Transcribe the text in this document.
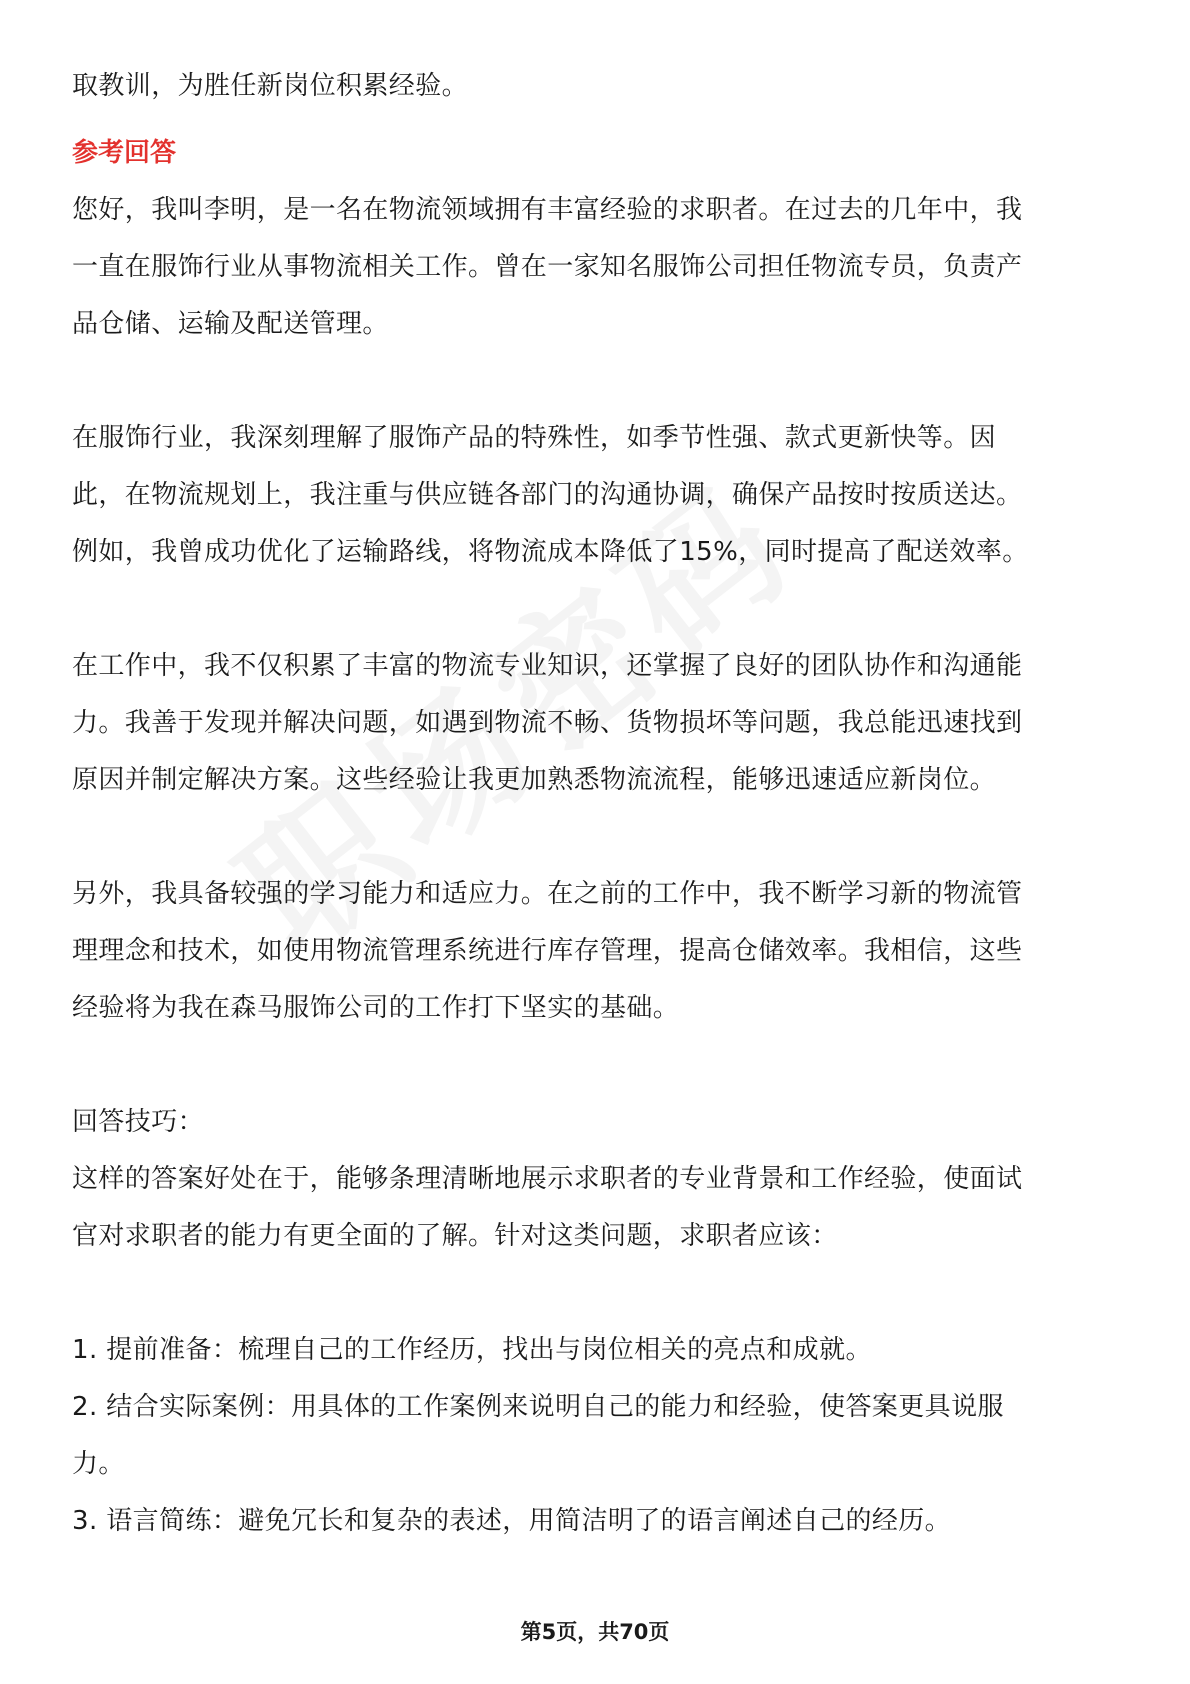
取教训，为胜任新岗位积累经验。
参考回答
您好，我叫李明，是一名在物流领域拥有丰富经验的求职者。在过去的几年中，我
一直在服饰行业从事物流相关工作。曾在一家知名服饰公司担任物流专员，负责产
品仓储、运输及配送管理。
在服饰行业，我深刻理解了服饰产品的特殊性，如季节性强、款式更新快等。因
此，在物流规划上，我注重与供应链各部门的沟通协调，确保产品按时按质送达。
例如，我曾成功优化了运输路线，将物流成本降低了15%，同时提高了配送效率。
在工作中，我不仅积累了丰富的物流专业知识，还掌握了良好的团队协作和沟通能
力。我善于发现并解决问题，如遇到物流不畅、货物损坏等问题，我总能迅速找到
原因并制定解决方案。这些经验让我更加熟悉物流流程，能够迅速适应新岗位。
另外，我具备较强的学习能力和适应力。在之前的工作中，我不断学习新的物流管
理理念和技术，如使用物流管理系统进行库存管理，提高仓储效率。我相信，这些
经验将为我在森马服饰公司的工作打下坚实的基础。
回答技巧：
这样的答案好处在于，能够条理清晰地展示求职者的专业背景和工作经验，使面试
官对求职者的能力有更全面的了解。针对这类问题，求职者应该：
1. 提前准备：梳理自己的工作经历，找出与岗位相关的亮点和成就。
2. 结合实际案例：用具体的工作案例来说明自己的能力和经验，使答案更具说服
力。
3. 语言简练：避免冗长和复杂的表述，用简洁明了的语言阐述自己的经历。
第5页，共70页
